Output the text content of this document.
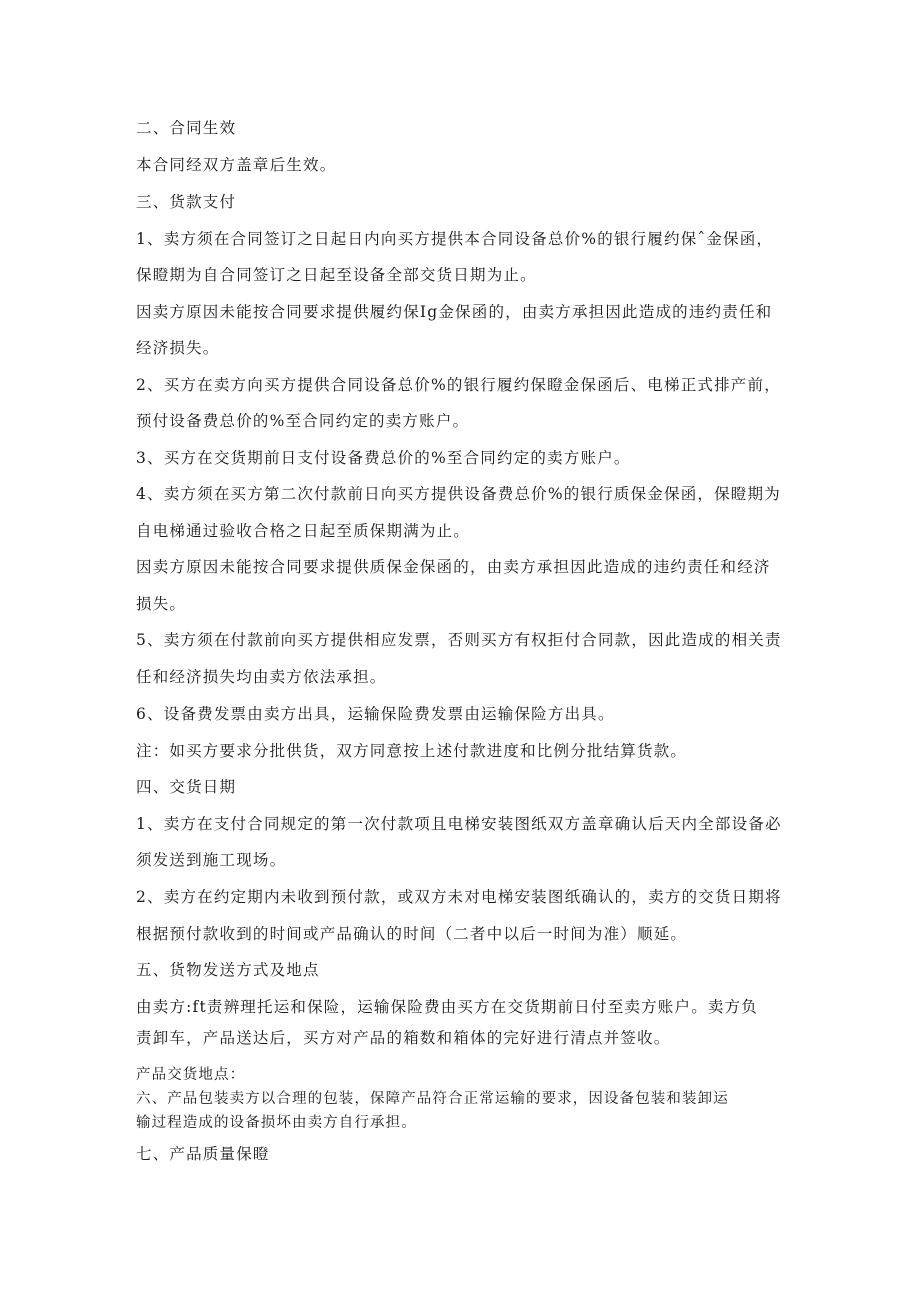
二、合同生效
本合同经双方盖章后生效。
三、货款支付
1、卖方须在合同签订之日起日内向买方提供本合同设备总价%的银行履约保ˆ金保函，
保瞪期为自合同签订之日起至设备全部交货日期为止。
因卖方原因未能按合同要求提供履约保Ig金保函的，由卖方承担因此造成的违约责任和
经济损失。
2、买方在卖方向买方提供合同设备总价%的银行履约保瞪金保函后、电梯正式排产前，
预付设备费总价的%至合同约定的卖方账户。
3、买方在交货期前日支付设备费总价的%至合同约定的卖方账户。
4、卖方须在买方第二次付款前日向买方提供设备费总价%的银行质保金保函，保瞪期为
自电梯通过验收合格之日起至质保期满为止。
因卖方原因未能按合同要求提供质保金保函的，由卖方承担因此造成的违约责任和经济
损失。
5、卖方须在付款前向买方提供相应发票，否则买方有权拒付合同款，因此造成的相关责
任和经济损失均由卖方依法承担。
6、设备费发票由卖方出具，运输保险费发票由运输保险方出具。
注：如买方要求分批供货，双方同意按上述付款进度和比例分批结算货款。
四、交货日期
1、卖方在支付合同规定的第一次付款项且电梯安装图纸双方盖章确认后天内全部设备必
须发送到施工现场。
2、卖方在约定期内未收到预付款，或双方未对电梯安装图纸确认的，卖方的交货日期将
根据预付款收到的时间或产品确认的时间（二者中以后一时间为准）顺延。
五、货物发送方式及地点
由卖方:ft责辨理托运和保险，运输保险费由买方在交货期前日付至卖方账户。卖方负
责卸车，产品送达后，买方对产品的箱数和箱体的完好进行清点并签收。
产品交货地点：
六、产品包装卖方以合理的包装，保障产品符合正常运输的要求，因设备包装和装卸运
输过程造成的设备损坏由卖方自行承担。
七、产品质量保瞪
